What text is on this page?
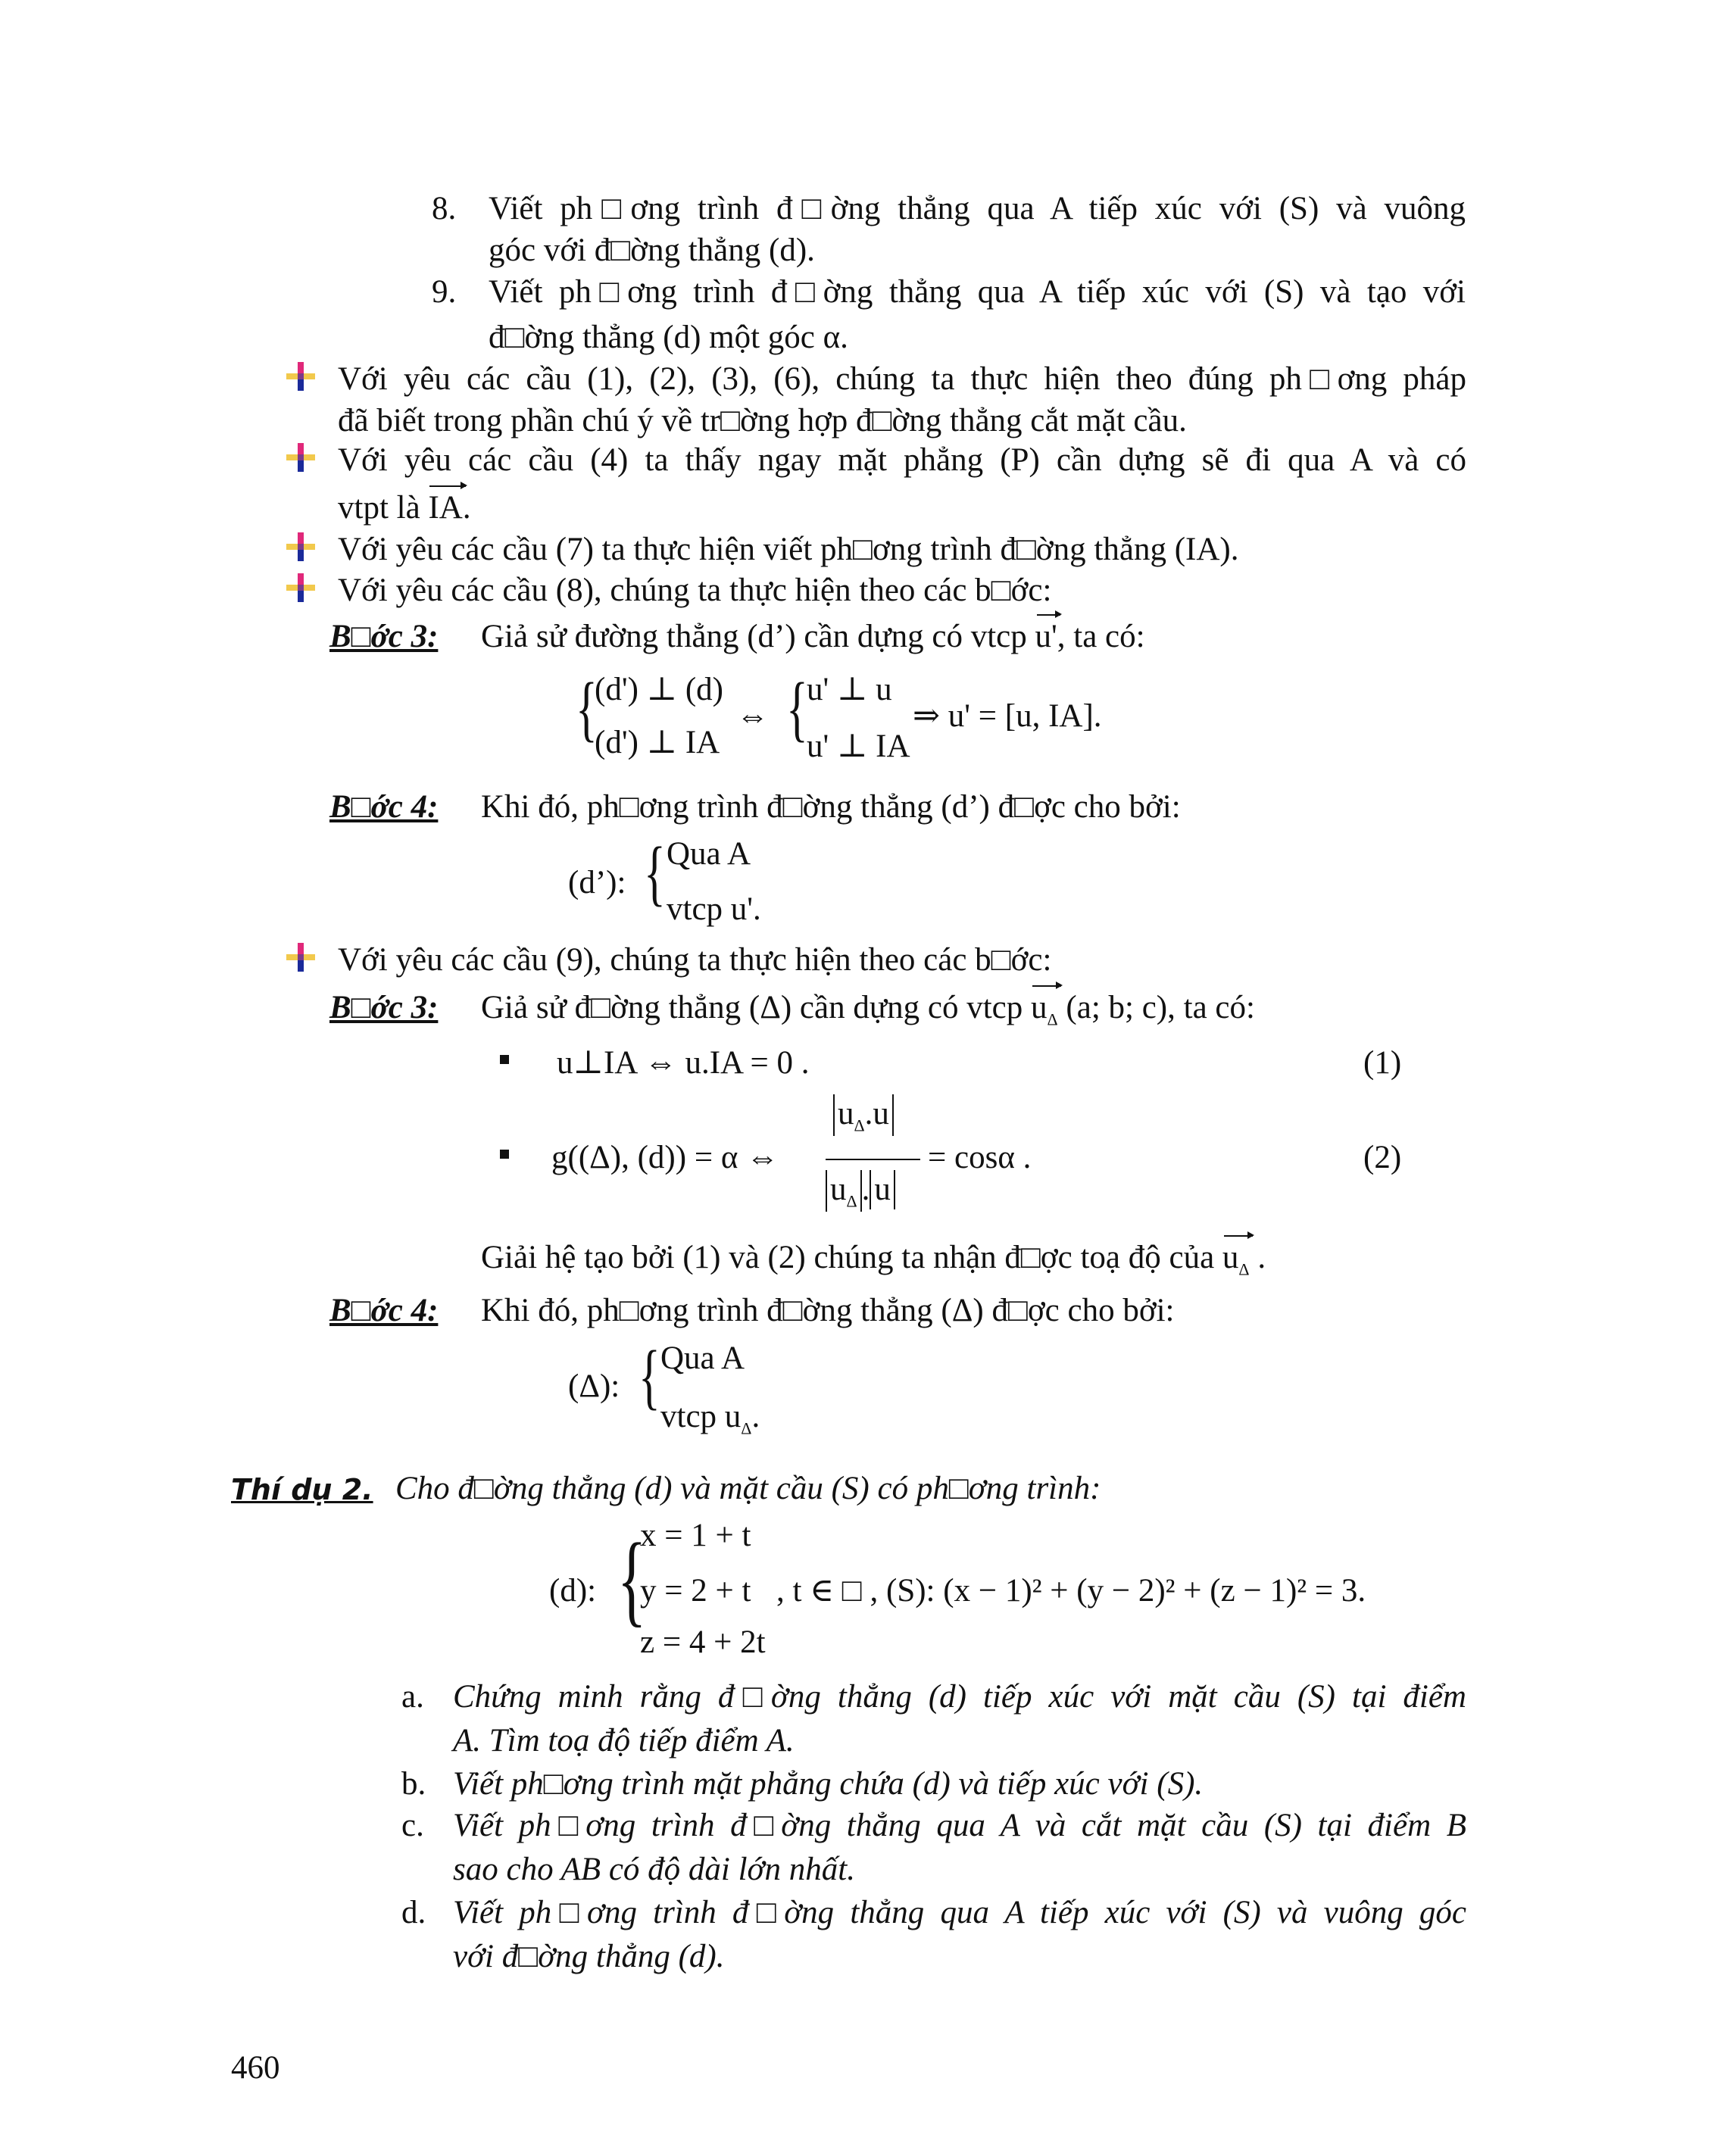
8. Viết ph□ơng trình đ□ờng thẳng qua A tiếp xúc với (S) và vuông
góc với đ□ờng thẳng (d).
9. Viết ph□ơng trình đ□ờng thẳng qua A tiếp xúc với (S) và tạo với
đ□ờng thẳng (d) một góc α.
Với yêu các cầu (1), (2), (3), (6), chúng ta thực hiện theo đúng ph□ơng pháp
đã biết trong phần chú ý về tr□ờng hợp đ□ờng thẳng cắt mặt cầu.
Với yêu các cầu (4) ta thấy ngay mặt phẳng (P) cần dựng sẽ đi qua A và có
vtpt là IA.
Với yêu các cầu (7) ta thực hiện viết ph□ơng trình đ□ờng thẳng (IA).
Với yêu các cầu (8), chúng ta thực hiện theo các b□ớc:
B□ớc 3: Giả sử đường thẳng (d’) cần dựng có vtcp u', ta có:
{
(d') ⊥ (d)
(d') ⊥ IA
⇔ {
u' ⊥ u
u' ⊥ IA
⇒ u' = [u, IA].
B□ớc 4: Khi đó, ph□ơng trình đ□ờng thẳng (d’) đ□ợc cho bởi:
(d’): { Qua A
vtcp u'.
Với yêu các cầu (9), chúng ta thực hiện theo các b□ớc:
B□ớc 3: Giả sử đ□ờng thẳng (Δ) cần dựng có vtcp $u_\Delta$ (a; b; c), ta có:
u⊥IA ⇔ u.IA = 0 .	(1)
g((Δ), (d)) = α ⇔
$u_\Delta.u$
$u_\Delta$ . u
= cosα .	(2)
Giải hệ tạo bởi (1) và (2) chúng ta nhận đ□ợc toạ độ của $u_\Delta$ .
B□ớc 4: Khi đó, ph□ơng trình đ□ờng thẳng (Δ) đ□ợc cho bởi:
(Δ): { Qua A
vtcp $u_\Delta$.
Thí dụ 2. Cho đ□ờng thẳng (d) và mặt cầu (S) có ph□ơng trình:
(d): {
x = 1 + t
y = 2 + t
z = 4 + 2t
, t ∈ □ , (S): (x − 1)² + (y − 2)² + (z − 1)² = 3.
a. Chứng minh rằng đ□ờng thẳng (d) tiếp xúc với mặt cầu (S) tại điểm
A. Tìm toạ độ tiếp điểm A.
b. Viết ph□ơng trình mặt phẳng chứa (d) và tiếp xúc với (S).
c. Viết ph□ơng trình đ□ờng thẳng qua A và cắt mặt cầu (S) tại điểm B
sao cho AB có độ dài lớn nhất.
d. Viết ph□ơng trình đ□ờng thẳng qua A tiếp xúc với (S) và vuông góc
với đ□ờng thẳng (d).
460
